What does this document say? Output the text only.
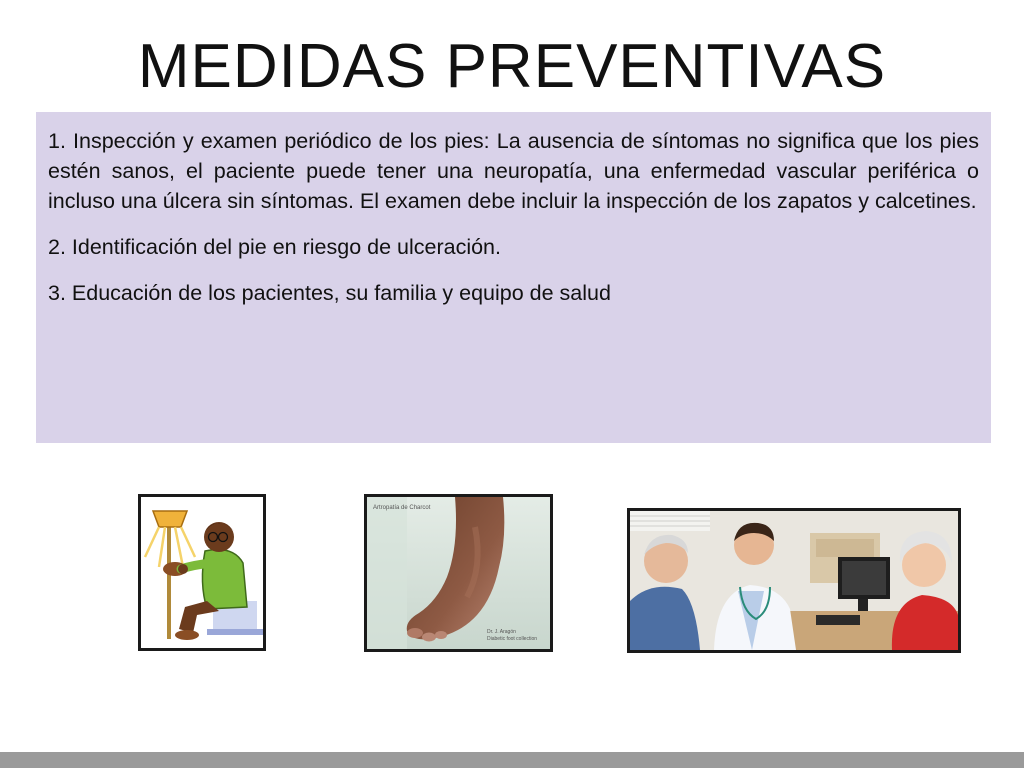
MEDIDAS PREVENTIVAS

1. Inspección y examen periódico de los pies: La ausencia de síntomas no significa que los pies estén sanos, el paciente puede tener una neuropatía, una enfermedad vascular periférica o incluso una úlcera sin síntomas. El examen debe incluir la inspección de los zapatos y calcetines.

2. Identificación del pie en riesgo de ulceración.

3. Educación de los pacientes, su familia y equipo de salud

Artropatía de Charcot
Dr. J. Aragón
Diabetic foot collection
